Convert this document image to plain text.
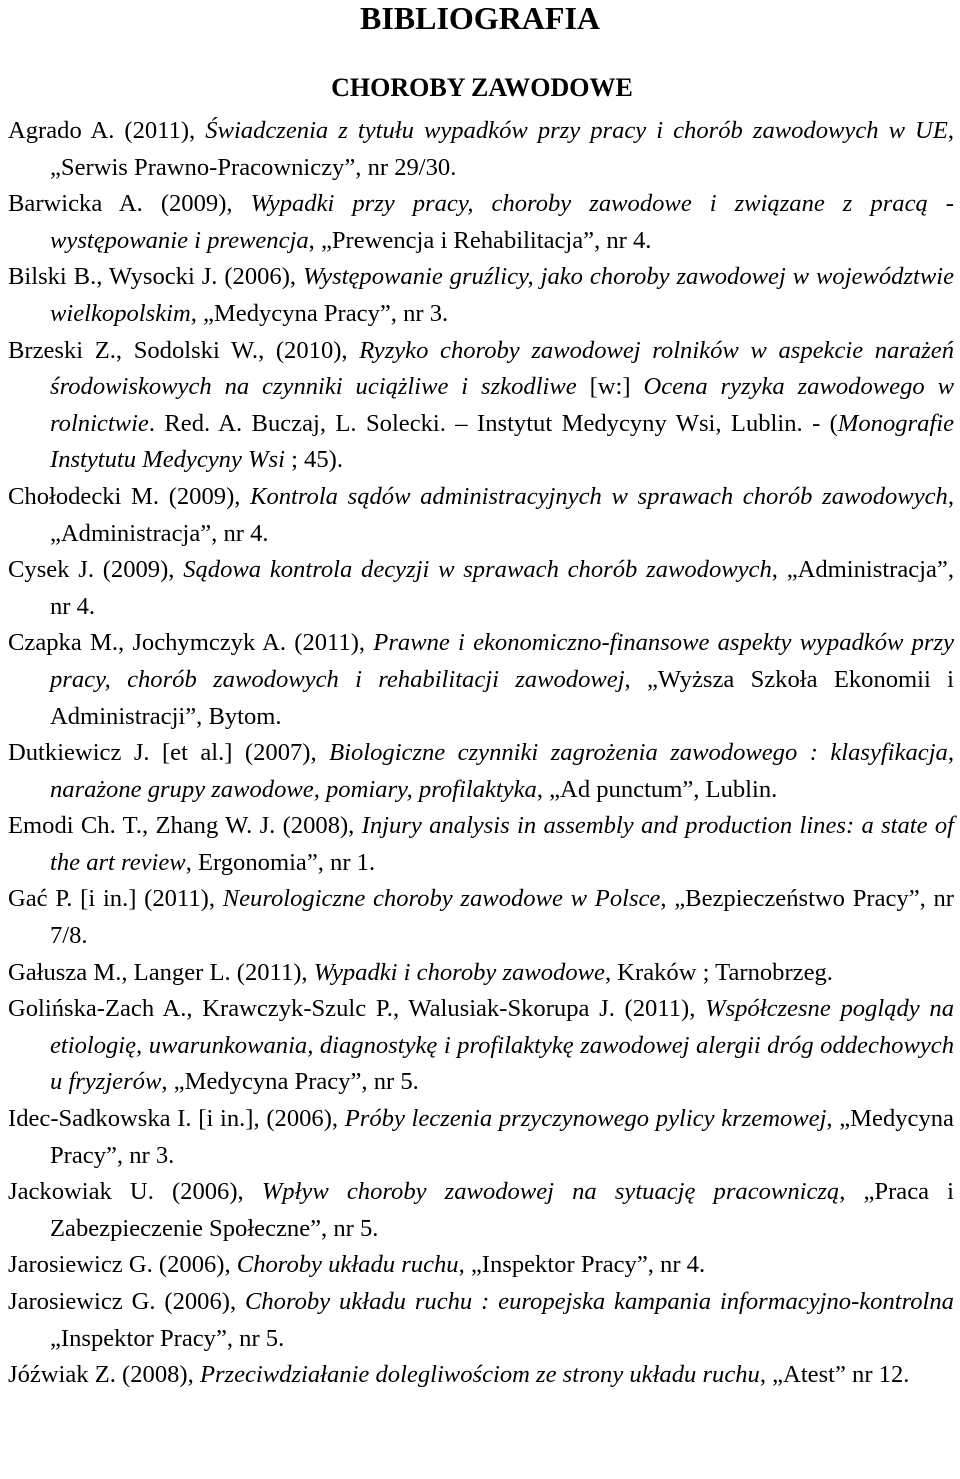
BIBLIOGRAFIA
CHOROBY ZAWODOWE

Agrado A. (2011), Świadczenia z tytułu wypadków przy pracy i chorób zawodowych w UE, „Serwis Prawno-Pracowniczy”, nr 29/30.

Barwicka A. (2009), Wypadki przy pracy, choroby zawodowe i związane z pracą - występowanie i prewencja, „Prewencja i Rehabilitacja”, nr 4.

Bilski B., Wysocki J. (2006), Występowanie gruźlicy, jako choroby zawodowej w województwie wielkopolskim, „Medycyna Pracy”, nr 3.

Brzeski Z., Sodolski W., (2010), Ryzyko choroby zawodowej rolników w aspekcie narażeń środowiskowych na czynniki uciążliwe i szkodliwe [w:] Ocena ryzyka zawodowego w rolnictwie. Red. A. Buczaj, L. Solecki. – Instytut Medycyny Wsi, Lublin. - (Monografie Instytutu Medycyny Wsi ; 45).

Chołodecki M. (2009), Kontrola sądów administracyjnych w sprawach chorób zawodowych, „Administracja”, nr 4.

Cysek J. (2009), Sądowa kontrola decyzji w sprawach chorób zawodowych, „Administracja”, nr 4.

Czapka M., Jochymczyk A. (2011), Prawne i ekonomiczno-finansowe aspekty wypadków przy pracy, chorób zawodowych i rehabilitacji zawodowej, „Wyższa Szkoła Ekonomii i Administracji”, Bytom.

Dutkiewicz J. [et al.] (2007), Biologiczne czynniki zagrożenia zawodowego : klasyfikacja, narażone grupy zawodowe, pomiary, profilaktyka, „Ad punctum”, Lublin.

Emodi Ch. T., Zhang W. J. (2008), Injury analysis in assembly and production lines: a state of the art review, Ergonomia”, nr 1.

Gać P. [i in.] (2011), Neurologiczne choroby zawodowe w Polsce, „Bezpieczeństwo Pracy”, nr 7/8.

Gałusza M., Langer L. (2011), Wypadki i choroby zawodowe, Kraków ; Tarnobrzeg.

Golińska-Zach A., Krawczyk-Szulc P., Walusiak-Skorupa J. (2011), Współczesne poglądy na etiologię, uwarunkowania, diagnostykę i profilaktykę zawodowej alergii dróg oddechowych u fryzjerów, „Medycyna Pracy”, nr 5.

Idec-Sadkowska I. [i in.], (2006), Próby leczenia przyczynowego pylicy krzemowej, „Medycyna Pracy”, nr 3.

Jackowiak U. (2006), Wpływ choroby zawodowej na sytuację pracowniczą, „Praca i Zabezpieczenie Społeczne”, nr 5.

Jarosiewicz G. (2006), Choroby układu ruchu, „Inspektor Pracy”, nr 4.

Jarosiewicz G. (2006), Choroby układu ruchu : europejska kampania informacyjno-kontrolna „Inspektor Pracy”, nr 5.

Jóźwiak Z. (2008), Przeciwdziałanie dolegliwościom ze strony układu ruchu, „Atest” nr 12.
